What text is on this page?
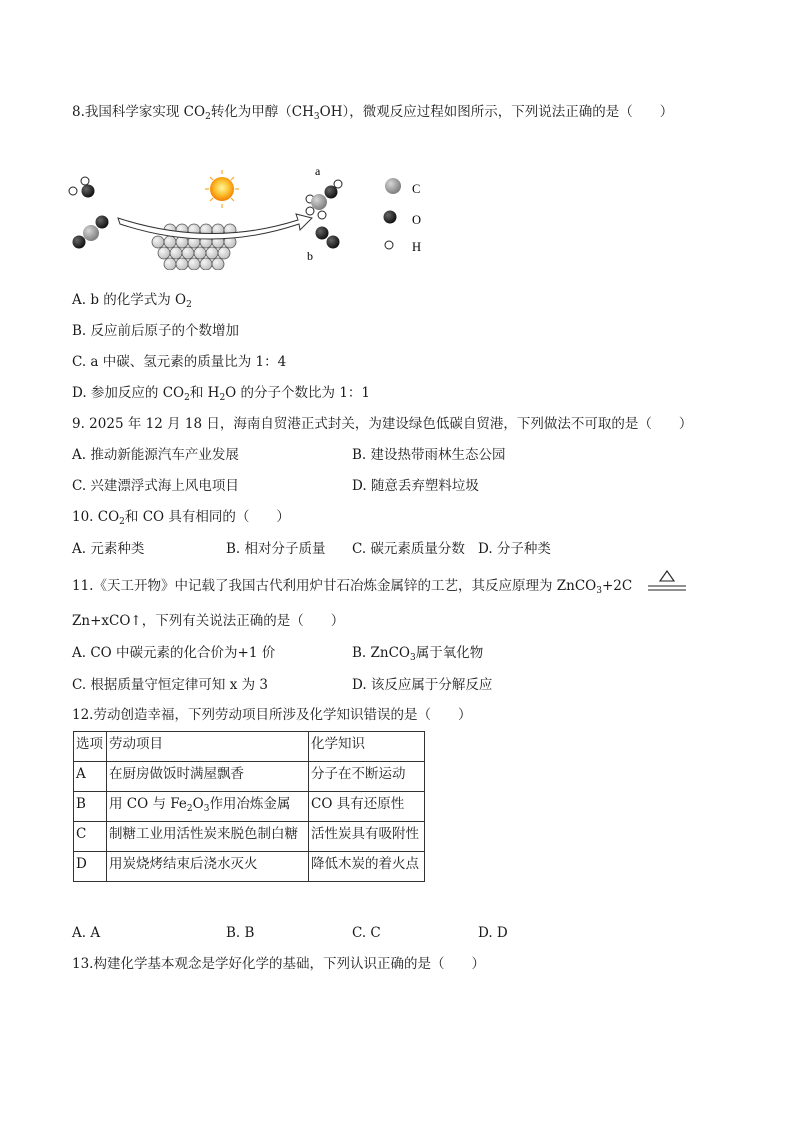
8.我国科学家实现 $CO_2$转化为甲醇$(CH_3OH)$，微观反应过程如图所示，下列说法正确的是（　　）
a
b
C
O
H
A. b 的化学式为 $O_2$
B. 反应前后原子的个数增加
C. a 中碳、氢元素的质量比为 1：4
D. 参加反应的 $CO_2$和 $H_2O$ 的分子个数比为 1：1
9. 2025 年 12 月 18 日，海南自贸港正式封关，为建设绿色低碳自贸港，下列做法不可取的是（　　）
A. 推动新能源汽车产业发展	B. 建设热带雨林生态公园
C. 兴建漂浮式海上风电项目	D. 随意丢弃塑料垃圾
10. $CO_2$和 CO 具有相同的（　　）
A. 元素种类	B. 相对分子质量 C. 碳元素质量分数 D. 分子种类
11.《天工开物》中记载了我国古代利用炉甘石冶炼金属锌的工艺，其反应原理为 ZnCO$_3$+2C
Zn+xCO↑，下列有关说法正确的是（　　）
A. CO 中碳元素的化合价为+1 价	B. ZnCO$_3$属于氧化物
C. 根据质量守恒定律可知 x 为 3	D. 该反应属于分解反应
12.劳动创造幸福，下列劳动项目所涉及化学知识错误的是（　　）
选项	劳动项目	化学知识
A	在厨房做饭时满屋飘香	分子在不断运动
B	用 CO 与 $Fe_2O_3$作用冶炼金属	CO 具有还原性
C	制糖工业用活性炭来脱色制白糖	活性炭具有吸附性
D	用炭烧烤结束后浇水灭火	降低木炭的着火点
A. A	B. B	C. C	D. D
13.构建化学基本观念是学好化学的基础，下列认识正确的是（　　）
